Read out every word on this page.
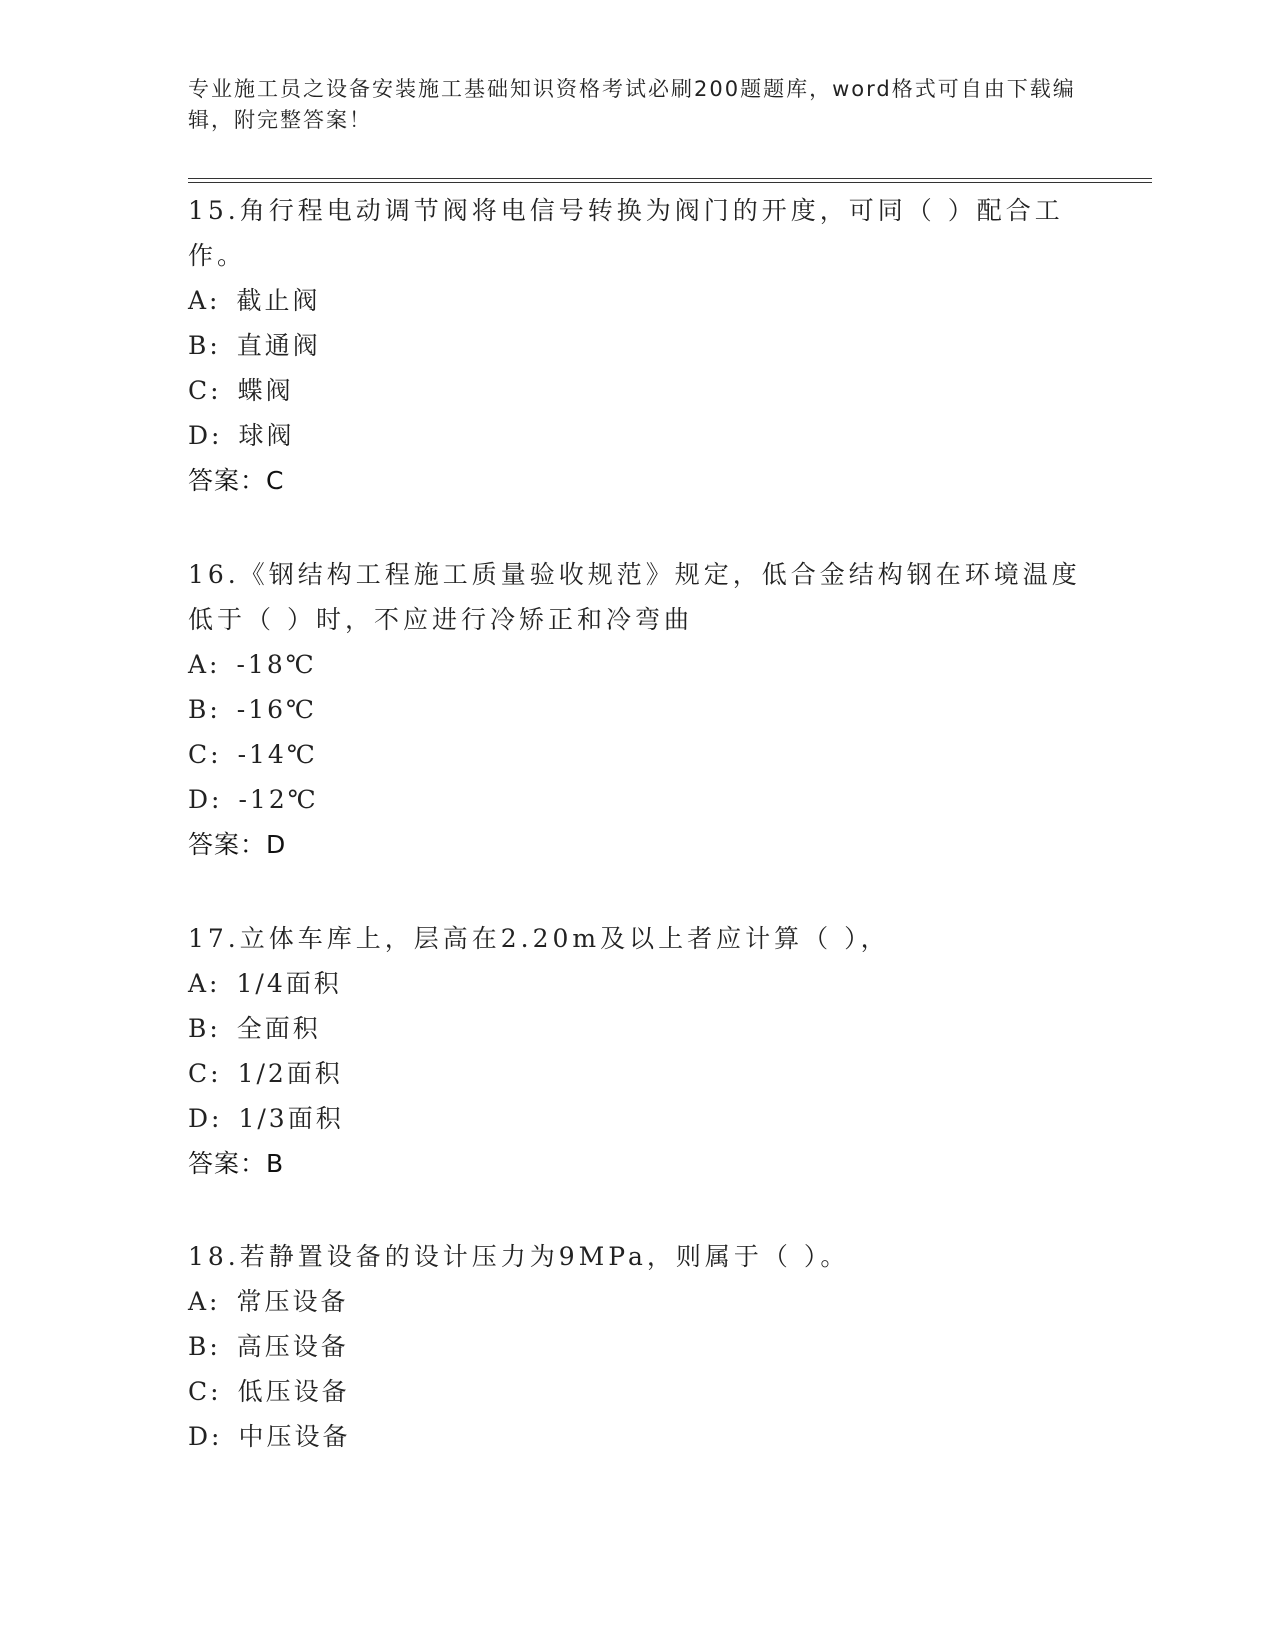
专业施工员之设备安装施工基础知识资格考试必刷200题题库，word格式可自由下载编辑，附完整答案！

15.角行程电动调节阀将电信号转换为阀门的开度，可同（ ）配合工作。

A: 截止阀

B: 直通阀

C: 蝶阀

D: 球阀

答案：C

16.《钢结构工程施工质量验收规范》规定，低合金结构钢在环境温度低于（ ）时，不应进行冷矫正和冷弯曲

A: -18℃

B: -16℃

C: -14℃

D: -12℃

答案：D

17.立体车库上，层高在2.20m及以上者应计算（ ），

A: 1/4面积

B: 全面积

C: 1/2面积

D: 1/3面积

答案：B

18.若静置设备的设计压力为9MPa，则属于（ ）。

A: 常压设备

B: 高压设备

C: 低压设备

D: 中压设备
